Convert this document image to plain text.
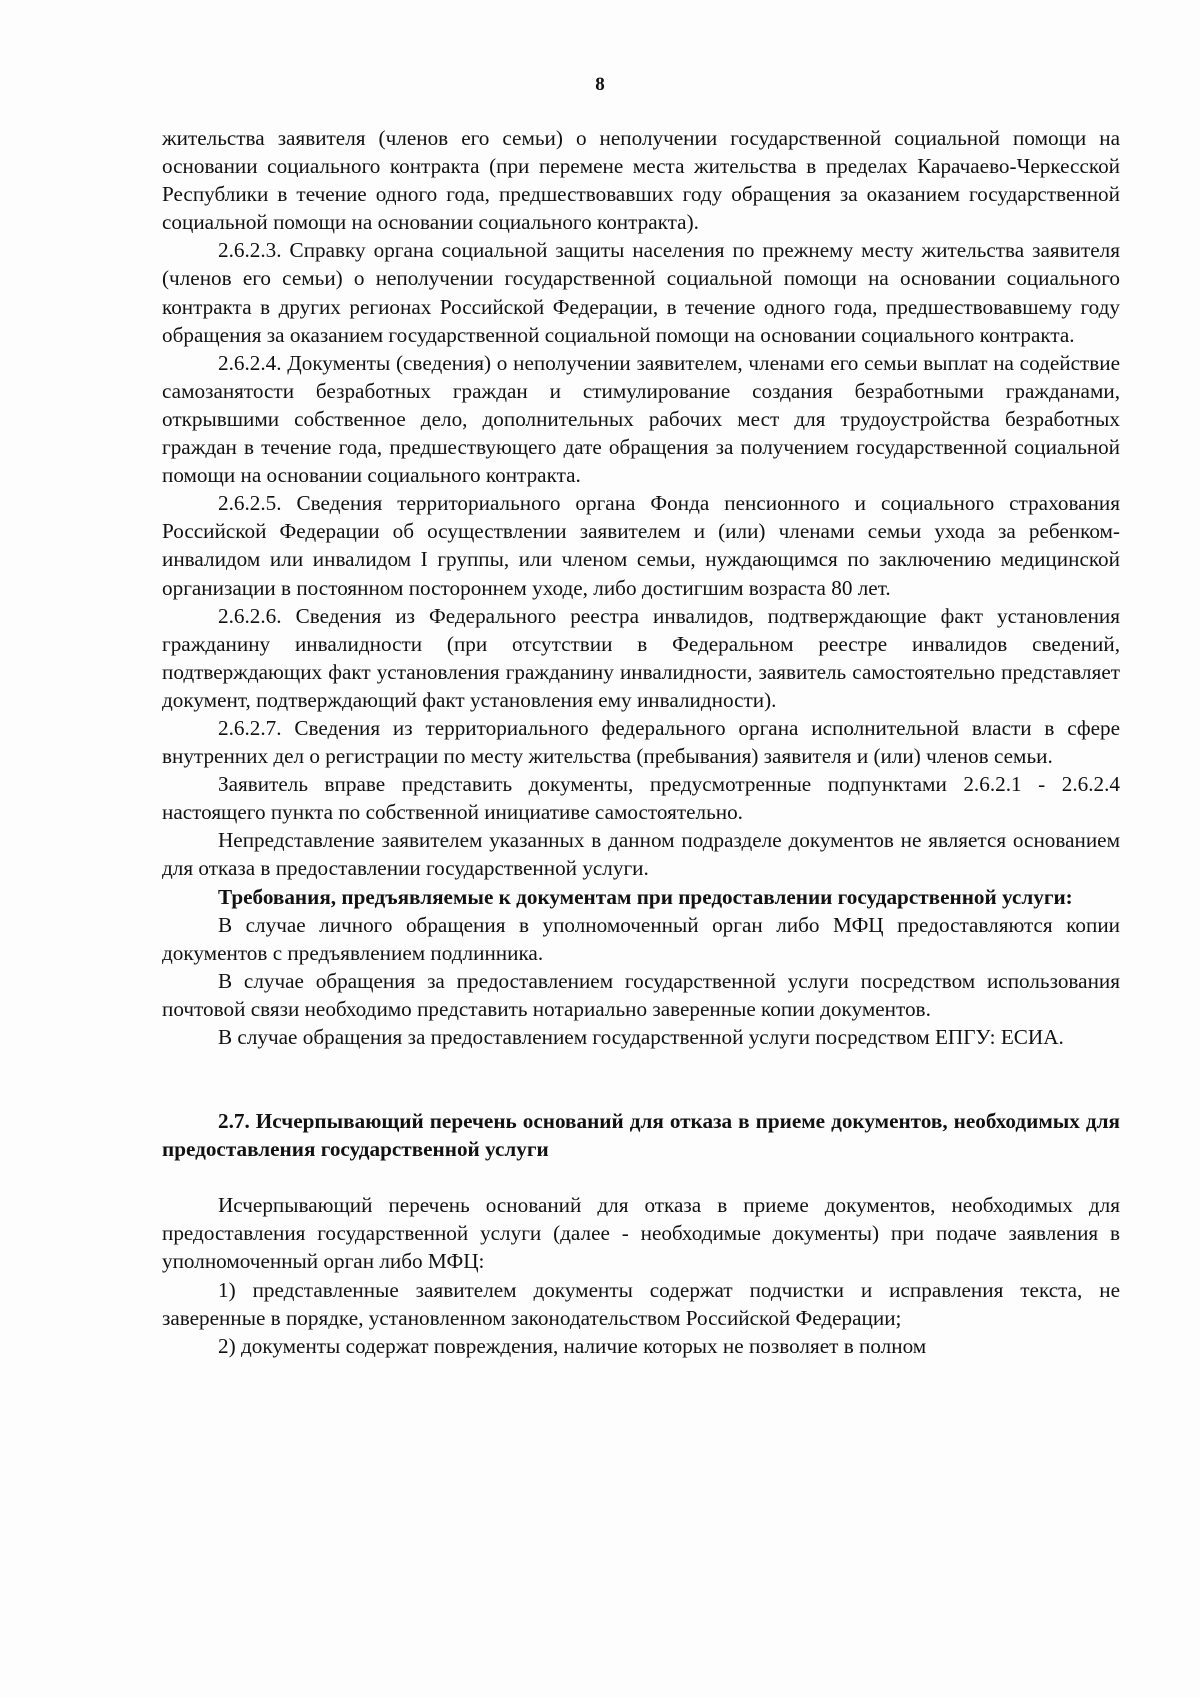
8

жительства заявителя (членов его семьи) о неполучении государственной социальной помощи на основании социального контракта (при перемене места жительства в пределах Карачаево-Черкесской Республики в течение одного года, предшествовавших году обращения за оказанием государственной социальной помощи на основании социального контракта).

2.6.2.3. Справку органа социальной защиты населения по прежнему месту жительства заявителя (членов его семьи) о неполучении государственной социальной помощи на основании социального контракта в других регионах Российской Федерации, в течение одного года, предшествовавшему году обращения за оказанием государственной социальной помощи на основании социального контракта.

2.6.2.4. Документы (сведения) о неполучении заявителем, членами его семьи выплат на содействие самозанятости безработных граждан и стимулирование создания безработными гражданами, открывшими собственное дело, дополнительных рабочих мест для трудоустройства безработных граждан в течение года, предшествующего дате обращения за получением государственной социальной помощи на основании социального контракта.

2.6.2.5. Сведения территориального органа Фонда пенсионного и социального страхования Российской Федерации об осуществлении заявителем и (или) членами семьи ухода за ребенком-инвалидом или инвалидом I группы, или членом семьи, нуждающимся по заключению медицинской организации в постоянном постороннем уходе, либо достигшим возраста 80 лет.

2.6.2.6. Сведения из Федерального реестра инвалидов, подтверждающие факт установления гражданину инвалидности (при отсутствии в Федеральном реестре инвалидов сведений, подтверждающих факт установления гражданину инвалидности, заявитель самостоятельно представляет документ, подтверждающий факт установления ему инвалидности).

2.6.2.7. Сведения из территориального федерального органа исполнительной власти в сфере внутренних дел о регистрации по месту жительства (пребывания) заявителя и (или) членов семьи.

Заявитель вправе представить документы, предусмотренные подпунктами 2.6.2.1 - 2.6.2.4 настоящего пункта по собственной инициативе самостоятельно.

Непредставление заявителем указанных в данном подразделе документов не является основанием для отказа в предоставлении государственной услуги.

Требования, предъявляемые к документам при предоставлении государственной услуги:

В случае личного обращения в уполномоченный орган либо МФЦ предоставляются копии документов с предъявлением подлинника.

В случае обращения за предоставлением государственной услуги посредством использования почтовой связи необходимо представить нотариально заверенные копии документов.

В случае обращения за предоставлением государственной услуги посредством ЕПГУ: ЕСИА.

2.7. Исчерпывающий перечень оснований для отказа в приеме документов, необходимых для предоставления государственной услуги

Исчерпывающий перечень оснований для отказа в приеме документов, необходимых для предоставления государственной услуги (далее - необходимые документы) при подаче заявления в уполномоченный орган либо МФЦ:

1) представленные заявителем документы содержат подчистки и исправления текста, не заверенные в порядке, установленном законодательством Российской Федерации;

2) документы содержат повреждения, наличие которых не позволяет в полном
